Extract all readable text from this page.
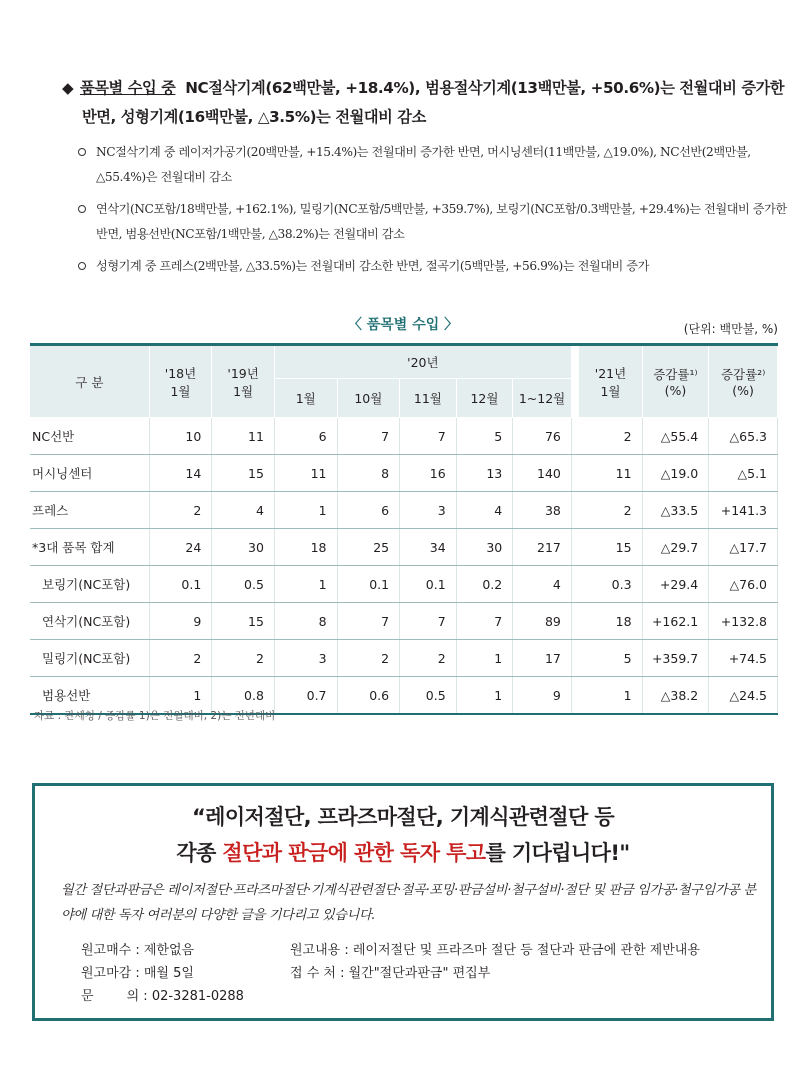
◆ 품목별 수입 중 NC절삭기계(62백만불, +18.4%), 범용절삭기계(13백만불, +50.6%)는 전월대비 증가한
반면, 성형기계(16백만불, △3.5%)는 전월대비 감소
NC절삭기계 중 레이저가공기(20백만불, +15.4%)는 전월대비 증가한 반면, 머시닝센터(11백만불, △19.0%), NC선반(2백만불, △55.4%)은 전월대비 감소
연삭기(NC포함/18백만불, +162.1%), 밀링기(NC포함/5백만불, +359.7%), 보링기(NC포함/0.3백만불, +29.4%)는 전월대비 증가한 반면, 범용선반(NC포함/1백만불, △38.2%)는 전월대비 감소
성형기계 중 프레스(2백만불, △33.5%)는 전월대비 감소한 반면, 절곡기(5백만불, +56.9%)는 전월대비 증가
〈 품목별 수입 〉	(단위: 백만불, %)
구 분	'18년 1월	'19년 1월	'20년						'21년 1월	증감률¹⁾ (%)	증감률²⁾ (%)
			1월	10월	11월	12월	1~12월				
NC선반	10	11	6	7	7	5	76		2	△55.4	△65.3
머시닝센터	14	15	11	8	16	13	140		11	△19.0	△5.1
프레스	2	4	1	6	3	4	38		2	△33.5	+141.3
*3대 품목 합계	24	30	18	25	34	30	217		15	△29.7	△17.7
보링기(NC포함)	0.1	0.5	1	0.1	0.1	0.2	4		0.3	+29.4	△76.0
연삭기(NC포함)	9	15	8	7	7	7	89		18	+162.1	+132.8
밀링기(NC포함)	2	2	3	2	2	1	17		5	+359.7	+74.5
범용선반	1	0.8	0.7	0.6	0.5	1	9		1	△38.2	△24.5
자료 : 관세청 / 증감률 1)은 전월대비, 2)는 전년대비
“레이저절단, 프라즈마절단, 기계식관련절단 등
각종 절단과 판금에 관한 독자 투고를 기다립니다!"
월간 절단과판금은 레이저절단·프라즈마절단·기계식관련절단·절곡·포밍·판금설비·철구설비·절단 및 판금 임가공·철구임가공 분야에 대한 독자 여러분의 다양한 글을 기다리고 있습니다.
원고매수 : 제한없음
원고마감 : 매월 5일
문        의 : 02-3281-0288
원고내용 : 레이저절단 및 프라즈마 절단 등 절단과 판금에 관한 제반내용
접 수 처 : 월간"절단과판금" 편집부
